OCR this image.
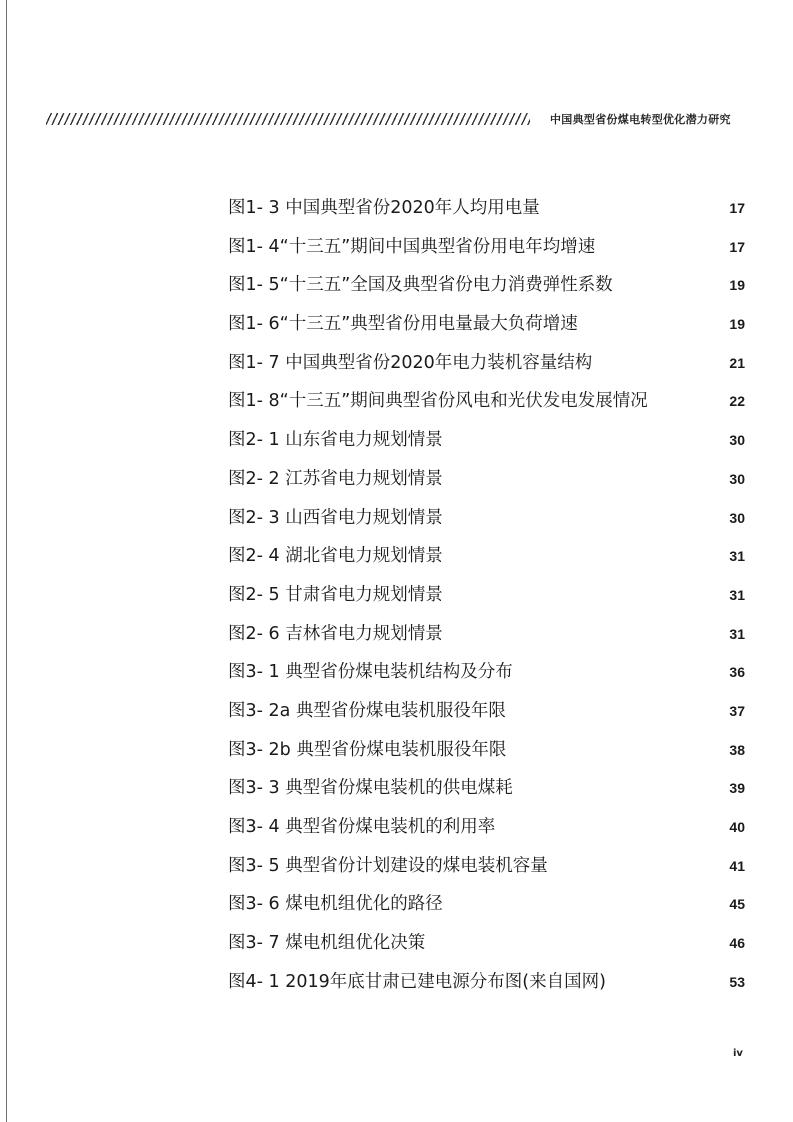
中国典型省份煤电转型优化潜力研究
图1- 3 中国典型省份2020年人均用电量	17
图1- 4“十三五”期间中国典型省份用电年均增速	17
图1- 5“十三五”全国及典型省份电力消费弹性系数	19
图1- 6“十三五”典型省份用电量最大负荷增速	19
图1- 7 中国典型省份2020年电力装机容量结构	21
图1- 8“十三五”期间典型省份风电和光伏发电发展情况	22
图2- 1 山东省电力规划情景	30
图2- 2 江苏省电力规划情景	30
图2- 3 山西省电力规划情景	30
图2- 4 湖北省电力规划情景	31
图2- 5 甘肃省电力规划情景	31
图2- 6 吉林省电力规划情景	31
图3- 1 典型省份煤电装机结构及分布	36
图3- 2a 典型省份煤电装机服役年限	37
图3- 2b 典型省份煤电装机服役年限	38
图3- 3 典型省份煤电装机的供电煤耗	39
图3- 4 典型省份煤电装机的利用率	40
图3- 5 典型省份计划建设的煤电装机容量	41
图3- 6 煤电机组优化的路径	45
图3- 7 煤电机组优化决策	46
图4- 1 2019年底甘肃已建电源分布图(来自国网)	53
iv
